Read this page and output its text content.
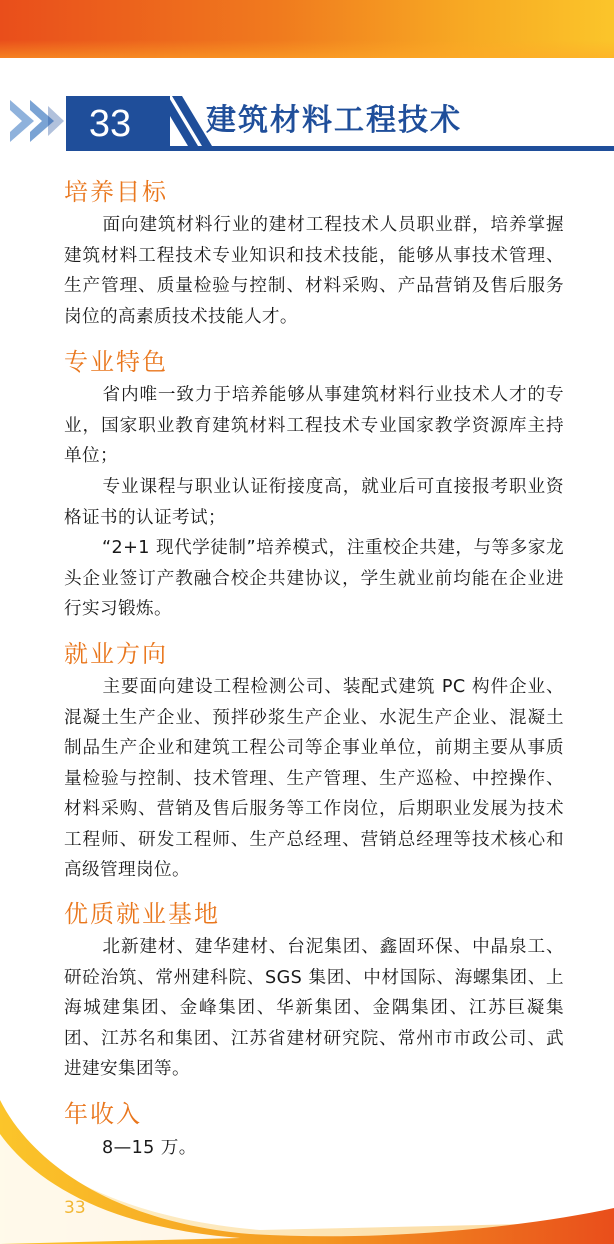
33 建筑材料工程技术
培养目标
面向建筑材料行业的建材工程技术人员职业群，培养掌握建筑材料工程技术专业知识和技术技能，能够从事技术管理、生产管理、质量检验与控制、材料采购、产品营销及售后服务岗位的高素质技术技能人才。
专业特色
省内唯一致力于培养能够从事建筑材料行业技术人才的专业，国家职业教育建筑材料工程技术专业国家教学资源库主持单位；
专业课程与职业认证衔接度高，就业后可直接报考职业资格证书的认证考试；
“2+1 现代学徒制”培养模式，注重校企共建，与等多家龙头企业签订产教融合校企共建协议，学生就业前均能在企业进行实习锻炼。
就业方向
主要面向建设工程检测公司、装配式建筑 PC 构件企业、混凝土生产企业、预拌砂浆生产企业、水泥生产企业、混凝土制品生产企业和建筑工程公司等企事业单位，前期主要从事质量检验与控制、技术管理、生产管理、生产巡检、中控操作、材料采购、营销及售后服务等工作岗位，后期职业发展为技术工程师、研发工程师、生产总经理、营销总经理等技术核心和高级管理岗位。
优质就业基地
北新建材、建华建材、台泥集团、鑫固环保、中晶泉工、研砼治筑、常州建科院、SGS 集团、中材国际、海螺集团、上海城建集团、金峰集团、华新集团、金隅集团、江苏巨凝集团、江苏名和集团、江苏省建材研究院、常州市市政公司、武进建安集团等。
年收入
8—15 万。
33
